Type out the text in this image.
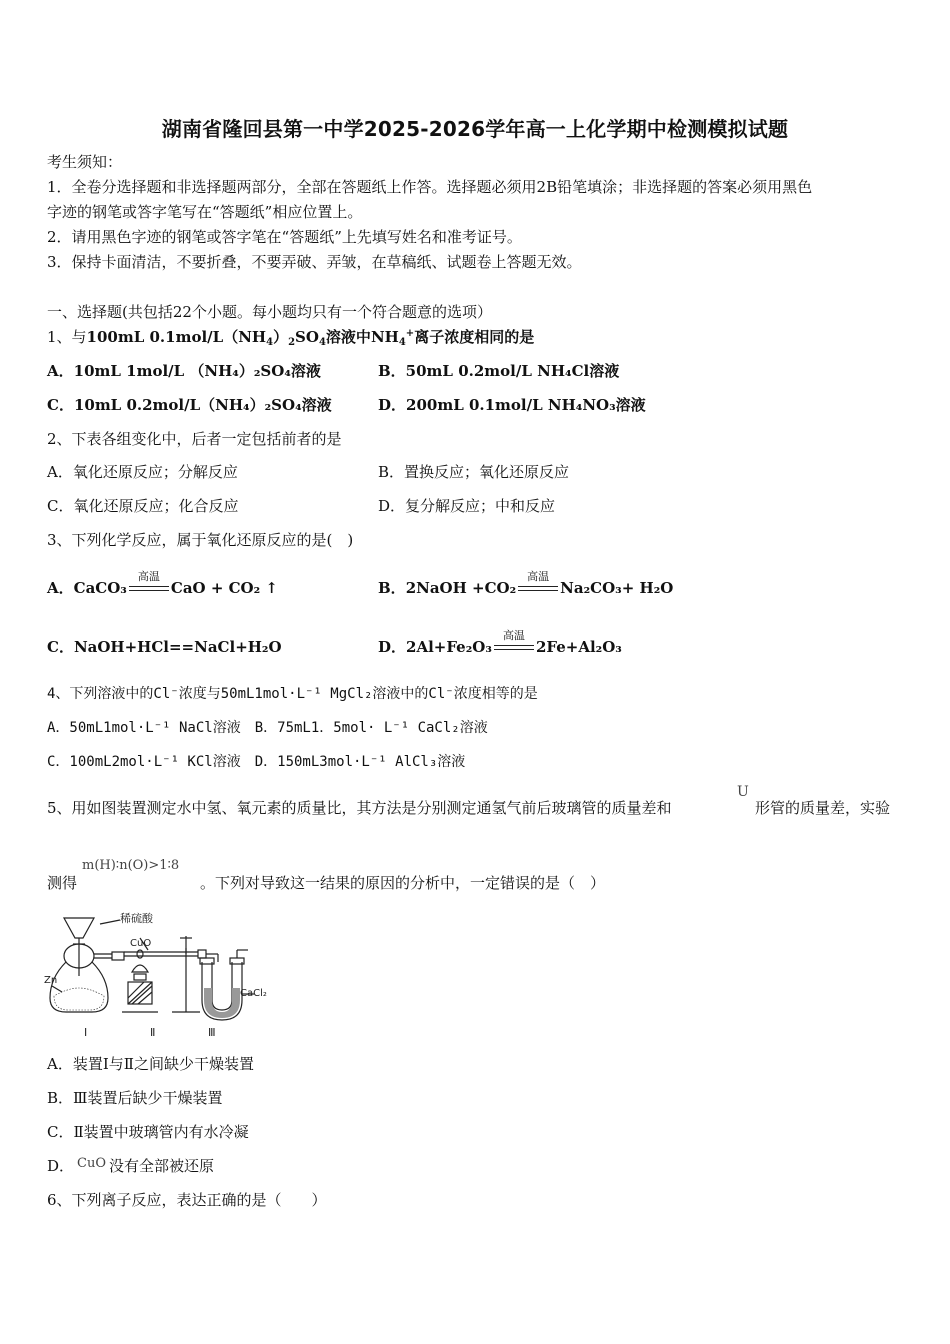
湖南省隆回县第一中学2025-2026学年高一上化学期中检测模拟试题
考生须知：
1．全卷分选择题和非选择题两部分，全部在答题纸上作答。选择题必须用2B铅笔填涂；非选择题的答案必须用黑色
字迹的钢笔或答字笔写在“答题纸”相应位置上。
2．请用黑色字迹的钢笔或答字笔在“答题纸”上先填写姓名和准考证号。
3．保持卡面清洁，不要折叠，不要弄破、弄皱，在草稿纸、试题卷上答题无效。
一、选择题(共包括22个小题。每小题均只有一个符合题意的选项）
1、与100mL $0.1mol/L(NH_4)_2SO_4$溶液中$NH_4^+$离子浓度相同的是
A．10mL 1mol/L （NH₄）₂SO₄溶液	B．50mL 0.2mol/L NH₄Cl溶液
C．10mL 0.2mol/L（NH₄）₂SO₄溶液	D．200mL 0.1mol/L NH₄NO₃溶液
2、下表各组变化中，后者一定包括前者的是
A．氧化还原反应；分解反应	B．置换反应；氧化还原反应
C．氧化还原反应；化合反应	D．复分解反应；中和反应
3、下列化学反应，属于氧化还原反应的是(　)
A．CaCO₃
高温
CaO + CO₂ ↑	B．2NaOH +CO₂
高温
Na₂CO₃+ H₂O
C．NaOH+HCl==NaCl+H₂O	D．2Al+Fe₂O₃
高温
2Fe+Al₂O₃
4、下列溶液中的Cl⁻浓度与50mL1mol·L⁻¹ MgCl₂溶液中的Cl⁻浓度相等的是
A．50mL1mol·L⁻¹ NaCl溶液　B．75mL1．5mol· L⁻¹ CaCl₂溶液
C．100mL2mol·L⁻¹ KCl溶液　D．150mL3mol·L⁻¹ AlCl₃溶液
5、用如图装置测定水中氢、氧元素的质量比，其方法是分别测定通氢气前后玻璃管的质量差和
U
形管的质量差，实验
测得
m(H)∶n(O)>1∶8
。下列对导致这一结果的原因的分析中，一定错误的是（　）
稀硫酸
CuO
Zn
CaCl₂
Ⅰ	Ⅱ	Ⅲ
A．装置Ⅰ与Ⅱ之间缺少干燥装置
B．Ⅲ装置后缺少干燥装置
C．Ⅱ装置中玻璃管内有水冷凝
D． CuO 没有全部被还原
6、下列离子反应，表达正确的是（　　）
